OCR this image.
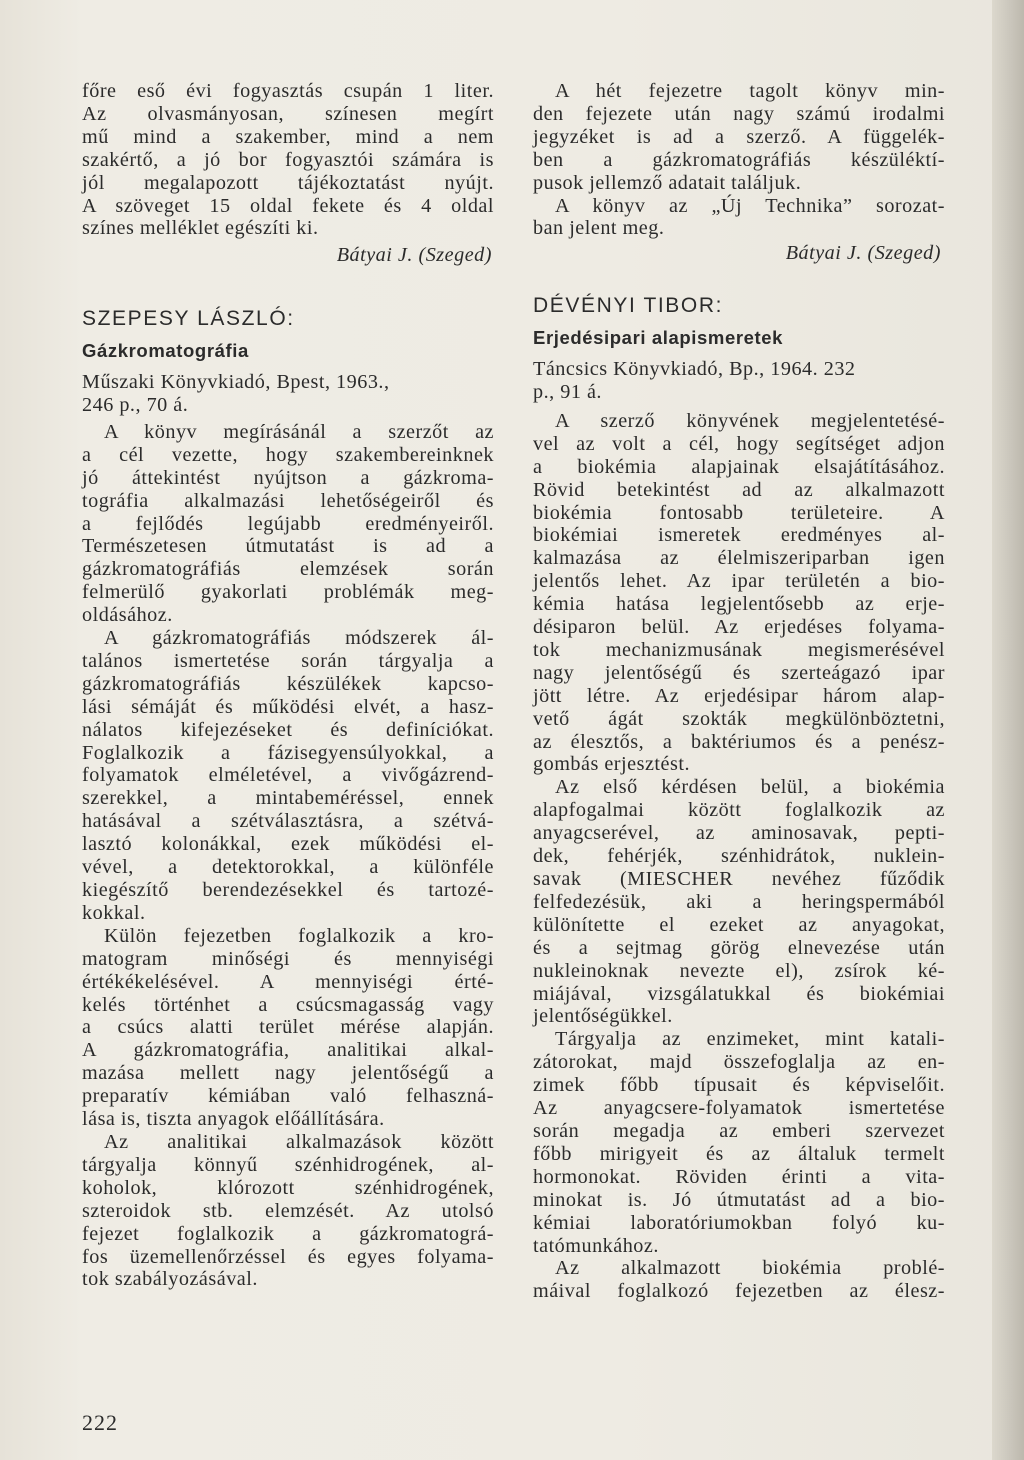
főre eső évi fogyasztás csupán 1 liter.

Az olvasmányosan, színesen megírt

mű mind a szakember, mind a nem

szakértő, a jó bor fogyasztói számára is

jól megalapozott tájékoztatást nyújt.

A szöveget 15 oldal fekete és 4 oldal

színes melléklet egészíti ki.

Bátyai J. (Szeged)

SZEPESY LÁSZLÓ:

Gázkromatográfia

Műszaki Könyvkiadó, Bpest, 1963.,

246 p., 70 á.

A könyv megírásánál a szerzőt az

a cél vezette, hogy szakembereinknek

jó áttekintést nyújtson a gázkroma-

tográfia alkalmazási lehetőségeiről és

a fejlődés legújabb eredményeiről.

Természetesen útmutatást is ad a

gázkromatográfiás elemzések során

felmerülő gyakorlati problémák meg-

oldásához.

A gázkromatográfiás módszerek ál-

talános ismertetése során tárgyalja a

gázkromatográfiás készülékek kapcso-

lási sémáját és működési elvét, a hasz-

nálatos kifejezéseket és definíciókat.

Foglalkozik a fázisegyensúlyokkal, a

folyamatok elméletével, a vivőgázrend-

szerekkel, a mintabeméréssel, ennek

hatásával a szétválasztásra, a szétvá-

lasztó kolonákkal, ezek működési el-

vével, a detektorokkal, a különféle

kiegészítő berendezésekkel és tartozé-

kokkal.

Külön fejezetben foglalkozik a kro-

matogram minőségi és mennyiségi

értékékelésével. A mennyiségi érté-

kelés történhet a csúcsmagasság vagy

a csúcs alatti terület mérése alapján.

A gázkromatográfia, analitikai alkal-

mazása mellett nagy jelentőségű a

preparatív kémiában való felhaszná-

lása is, tiszta anyagok előállítására.

Az analitikai alkalmazások között

tárgyalja könnyű szénhidrogének, al-

koholok, klórozott szénhidrogének,

szteroidok stb. elemzését. Az utolsó

fejezet foglalkozik a gázkromatográ-

fos üzemellenőrzéssel és egyes folyama-

tok szabályozásával.

A hét fejezetre tagolt könyv min-

den fejezete után nagy számú irodalmi

jegyzéket is ad a szerző. A függelék-

ben a gázkromatográfiás készüléktí-

pusok jellemző adatait találjuk.

A könyv az „Új Technika” sorozat-

ban jelent meg.

Bátyai J. (Szeged)

DÉVÉNYI TIBOR:

Erjedésipari alapismeretek

Táncsics Könyvkiadó, Bp., 1964. 232

p., 91 á.

A szerző könyvének megjelentetésé-

vel az volt a cél, hogy segítséget adjon

a biokémia alapjainak elsajátításához.

Rövid betekintést ad az alkalmazott

biokémia fontosabb területeire. A

biokémiai ismeretek eredményes al-

kalmazása az élelmiszeriparban igen

jelentős lehet. Az ipar területén a bio-

kémia hatása legjelentősebb az erje-

désiparon belül. Az erjedéses folyama-

tok mechanizmusának megismerésével

nagy jelentőségű és szerteágazó ipar

jött létre. Az erjedésipar három alap-

vető ágát szokták megkülönböztetni,

az élesztős, a baktériumos és a penész-

gombás erjesztést.

Az első kérdésen belül, a biokémia

alapfogalmai között foglalkozik az

anyagcserével, az aminosavak, pepti-

dek, fehérjék, szénhidrátok, nuklein-

savak (MIESCHER nevéhez fűződik

felfedezésük, aki a heringspermából

különítette el ezeket az anyagokat,

és a sejtmag görög elnevezése után

nukleinoknak nevezte el), zsírok ké-

miájával, vizsgálatukkal és biokémiai

jelentőségükkel.

Tárgyalja az enzimeket, mint katali-

zátorokat, majd összefoglalja az en-

zimek főbb típusait és képviselőit.

Az anyagcsere-folyamatok ismertetése

során megadja az emberi szervezet

főbb mirigyeit és az általuk termelt

hormonokat. Röviden érinti a vita-

minokat is. Jó útmutatást ad a bio-

kémiai laboratóriumokban folyó ku-

tatómunkához.

Az alkalmazott biokémia problé-

máival foglalkozó fejezetben az élesz-

222
